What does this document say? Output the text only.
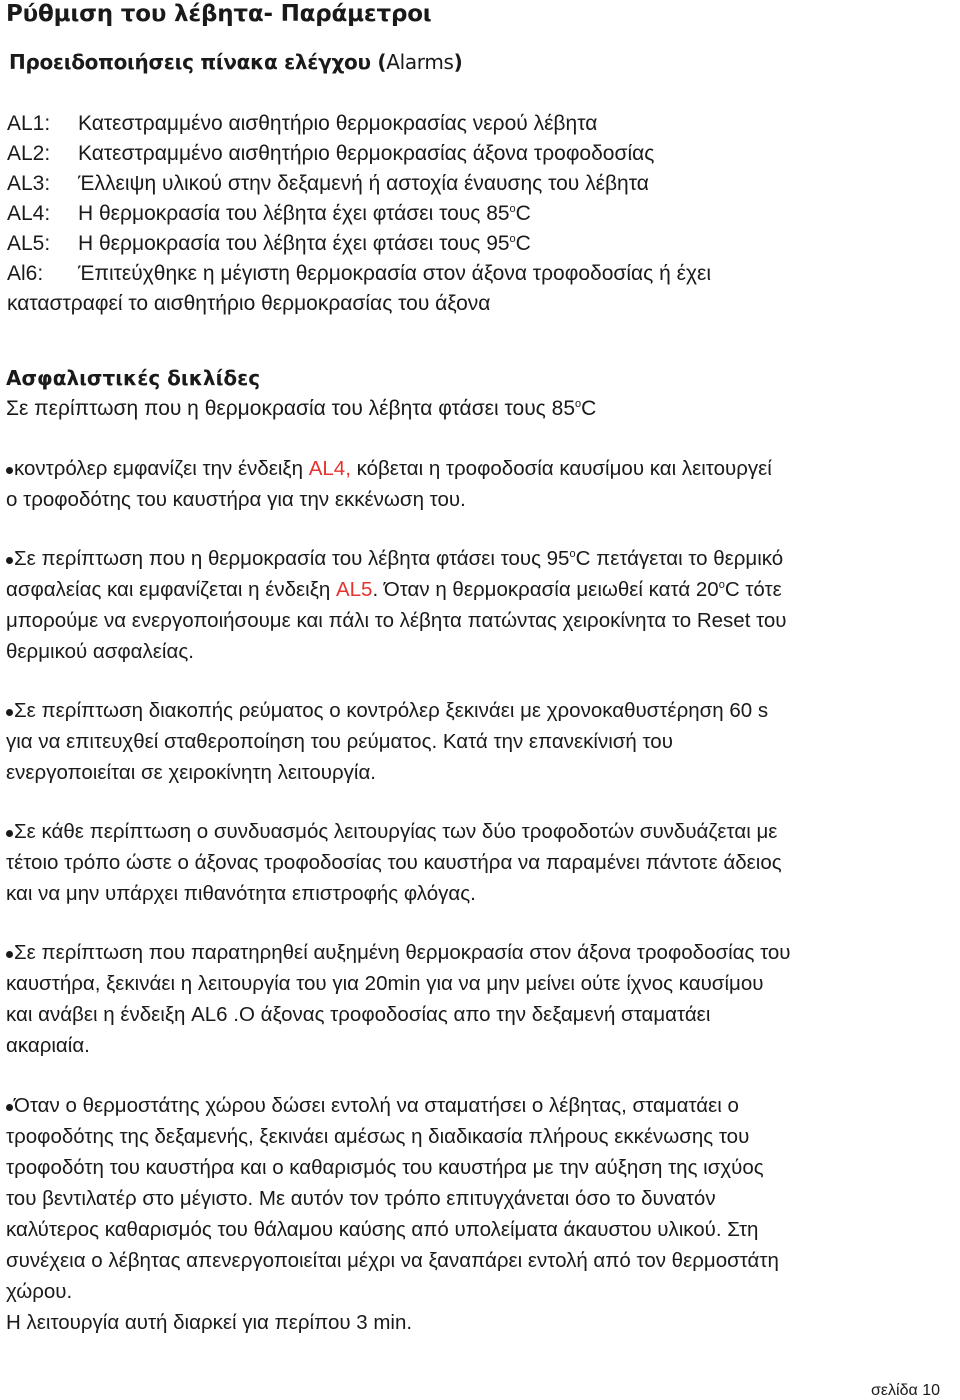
Ρύθμιση του λέβητα- Παράμετροι
Προειδοποιήσεις πίνακα ελέγχου (Alarms)
AL1:	Κατεστραμμένο αισθητήριο θερμοκρασίας νερού λέβητα
AL2:	Κατεστραμμένο αισθητήριο θερμοκρασίας άξονα τροφοδοσίας
AL3:	Έλλειψη υλικού στην δεξαμενή ή αστοχία έναυσης του λέβητα
AL4:	Η θερμοκρασία του λέβητα έχει φτάσει τους 85$^o$C
AL5:	Η θερμοκρασία του λέβητα έχει φτάσει τους 95$^o$C
Al6:	Έπιτεύχθηκε η μέγιστη θερμοκρασία στον άξονα τροφοδοσίας ή έχει
καταστραφεί το αισθητήριο θερμοκρασίας του άξονα
Ασφαλιστικές δικλίδες
Σε περίπτωση που η θερμοκρασία του λέβητα φτάσει τους 85$^o$C
κοντρόλερ εμφανίζει την ένδειξη AL4, κόβεται η τροφοδοσία καυσίμου και λειτουργεί
ο τροφοδότης του καυστήρα για την εκκένωση του.
Σε περίπτωση που η θερμοκρασία του λέβητα φτάσει τους 95$^o$C πετάγεται το θερμικό
ασφαλείας και εμφανίζεται η ένδειξη AL5. Όταν η θερμοκρασία μειωθεί κατά 20$^o$C τότε
μπορούμε να ενεργοποιήσουμε και πάλι το λέβητα πατώντας χειροκίνητα το Reset του
θερμικού ασφαλείας.
Σε περίπτωση διακοπής ρεύματος ο κοντρόλερ ξεκινάει με χρονοκαθυστέρηση 60 s
για να επιτευχθεί σταθεροποίηση του ρεύματος. Κατά την επανεκίνισή του
ενεργοποιείται σε χειροκίνητη λειτουργία.
Σε κάθε περίπτωση ο συνδυασμός λειτουργίας των δύο τροφοδοτών συνδυάζεται με
τέτοιο τρόπο ώστε ο άξονας τροφοδοσίας του καυστήρα να παραμένει πάντοτε άδειος
και να μην υπάρχει πιθανότητα επιστροφής φλόγας.
Σε περίπτωση που παρατηρηθεί αυξημένη θερμοκρασία στον άξονα τροφοδοσίας του
καυστήρα, ξεκινάει η λειτουργία του για 20min για να μην μείνει ούτε ίχνος καυσίμου
και ανάβει η ένδειξη AL6 .Ο άξονας τροφοδοσίας απο την δεξαμενή σταματάει
ακαριαία.
Όταν ο θερμοστάτης χώρου δώσει εντολή να σταματήσει ο λέβητας, σταματάει ο
τροφοδότης της δεξαμενής, ξεκινάει αμέσως η διαδικασία πλήρους εκκένωσης του
τροφοδότη του καυστήρα και ο καθαρισμός του καυστήρα με την αύξηση της ισχύος
του βεντιλατέρ στο μέγιστο. Με αυτόν τον τρόπο επιτυγχάνεται όσο το δυνατόν
καλύτερος καθαρισμός του θάλαμου καύσης από υπολείματα άκαυστου υλικού. Στη
συνέχεια ο λέβητας απενεργοποιείται μέχρι να ξαναπάρει εντολή από τον θερμοστάτη
χώρου.
Η λειτουργία αυτή διαρκεί για περίπου 3 min.
σελίδα 10
